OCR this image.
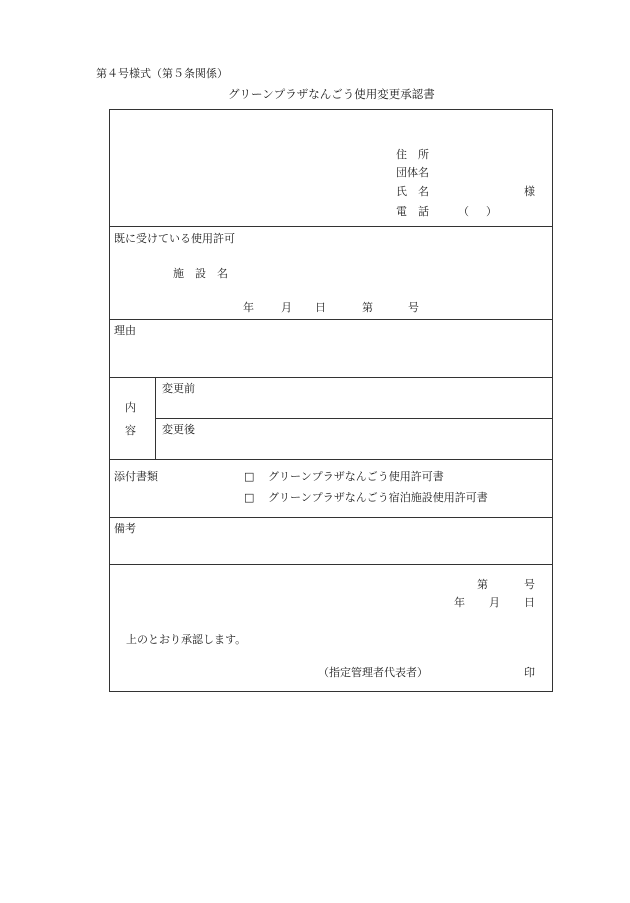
第４号様式（第５条関係）
グリーンプラザなんごう使用変更承認書
住　所
団体名
氏　名	様
電　話	（ ）
既に受けている使用許可
施　設　名
年 月 日	第	号
理由
内
容
変更前
変更後
添付書類	□ グリーンプラザなんごう使用許可書
□ グリーンプラザなんごう宿泊施設使用許可書
備考
第	号
年 月 日
上のとおり承認します。
（指定管理者代表者）	印
